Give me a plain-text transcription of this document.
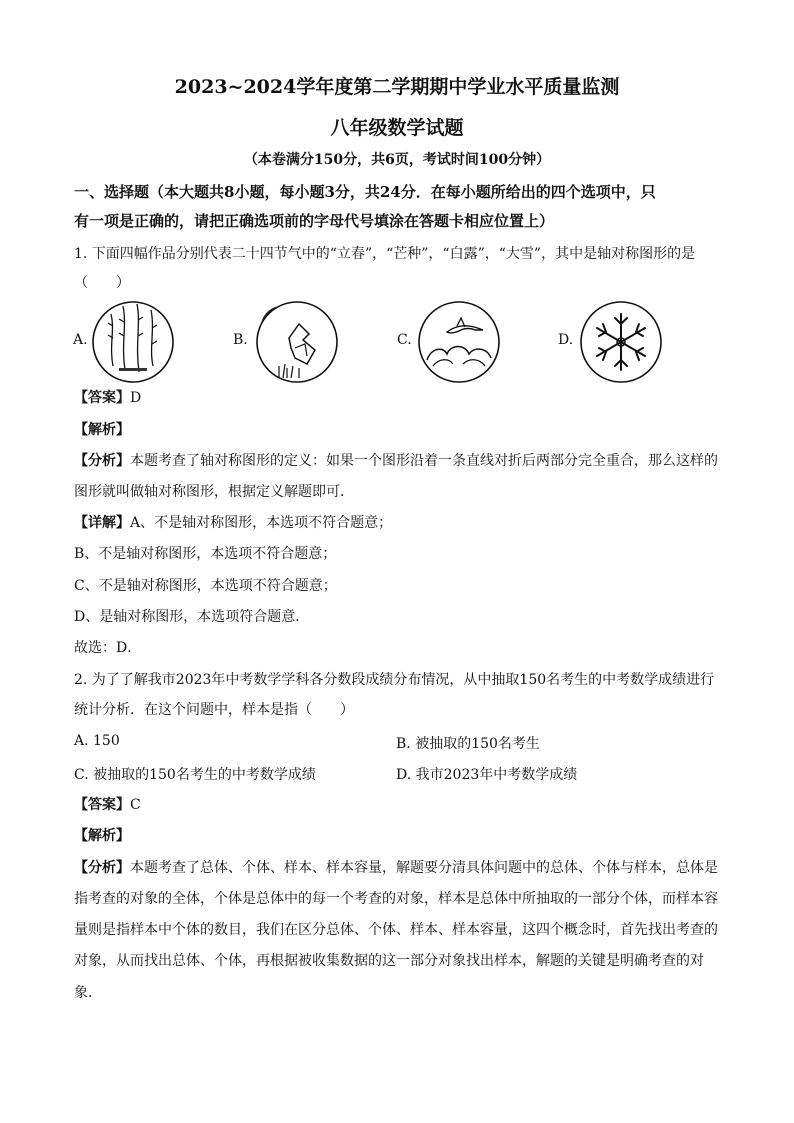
2023~2024学年度第二学期期中学业水平质量监测
八年级数学试题
（本卷满分150分，共6页，考试时间100分钟）
一、选择题（本大题共8小题，每小题3分，共24分．在每小题所给出的四个选项中，只
有一项是正确的，请把正确选项前的字母代号填涂在答题卡相应位置上）
1. 下面四幅作品分别代表二十四节气中的“立春”，“芒种”，“白露”，“大雪”，其中是轴对称图形的是
（　　）
A.	B.	C.	D.
【答案】D
【解析】
【分析】本题考查了轴对称图形的定义：如果一个图形沿着一条直线对折后两部分完全重合，那么这样的
图形就叫做轴对称图形，根据定义解题即可．
【详解】A、不是轴对称图形，本选项不符合题意；
B、不是轴对称图形，本选项不符合题意；
C、不是轴对称图形，本选项不符合题意；
D、是轴对称图形，本选项符合题意．
故选：D．
2. 为了了解我市2023年中考数学学科各分数段成绩分布情况，从中抽取150名考生的中考数学成绩进行
统计分析．在这个问题中，样本是指（　　）
A. 150	B. 被抽取的150名考生
C. 被抽取的150名考生的中考数学成绩	D. 我市2023年中考数学成绩
【答案】C
【解析】
【分析】本题考查了总体、个体、样本、样本容量，解题要分清具体问题中的总体、个体与样本，总体是
指考查的对象的全体，个体是总体中的每一个考查的对象，样本是总体中所抽取的一部分个体，而样本容
量则是指样本中个体的数目，我们在区分总体、个体、样本、样本容量，这四个概念时，首先找出考查的
对象，从而找出总体、个体，再根据被收集数据的这一部分对象找出样本，解题的关键是明确考查的对
象．
